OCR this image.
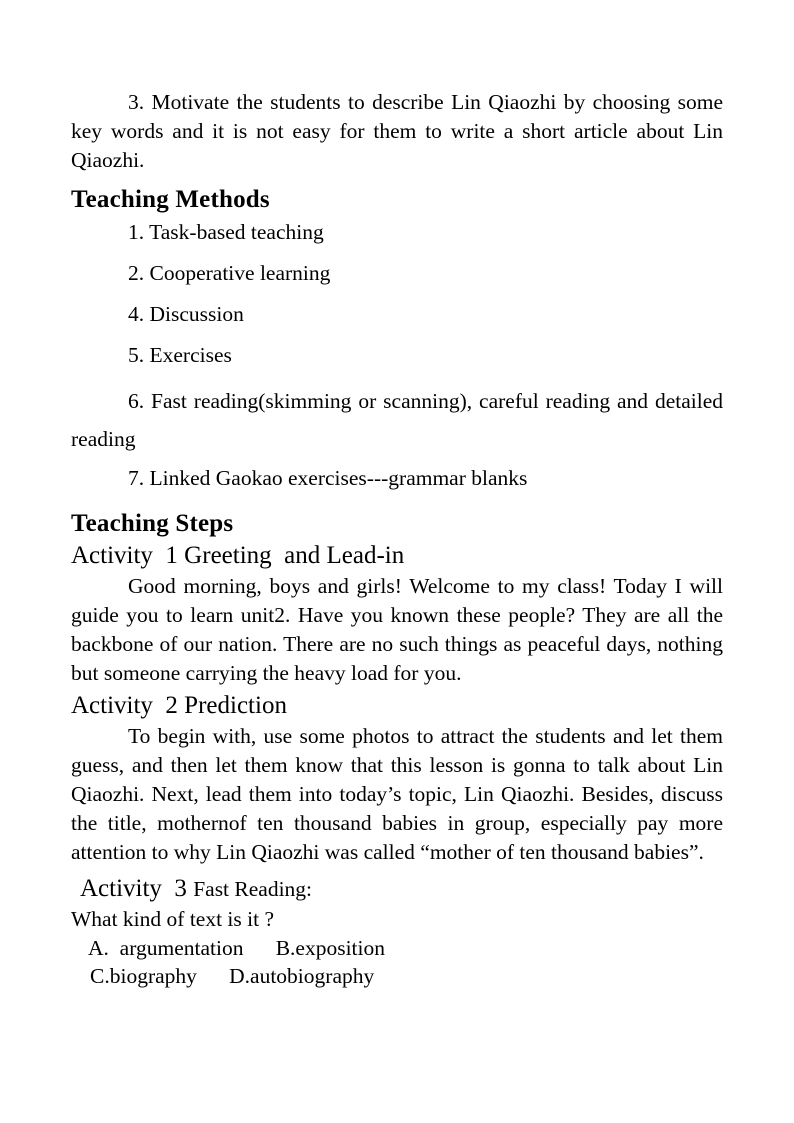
3. Motivate the students to describe Lin Qiaozhi by choosing some key words and it is not easy for them to write a short article about Lin Qiaozhi.

Teaching Methods

1. Task-based teaching

2. Cooperative learning

4. Discussion

5. Exercises

6. Fast reading(skimming or scanning), careful reading and detailed reading

7. Linked Gaokao exercises---grammar blanks

Teaching Steps
Activity  1 Greeting  and Lead-in

Good morning, boys and girls! Welcome to my class! Today I will guide you to learn unit2. Have you known these people? They are all the backbone of our nation. There are no such things as peaceful days, nothing but someone carrying the heavy load for you.

Activity  2 Prediction

To begin with, use some photos to attract the students and let them guess, and then let them know that this lesson is gonna to talk about Lin Qiaozhi. Next, lead them into today’s topic, Lin Qiaozhi. Besides, discuss the title, mothernof ten thousand babies in group, especially pay more attention to why Lin Qiaozhi was called “mother of ten thousand babies”.

Activity  3 Fast Reading:

What kind of text is it ?

A.  argumentation      B.exposition

C.biography      D.autobiography
